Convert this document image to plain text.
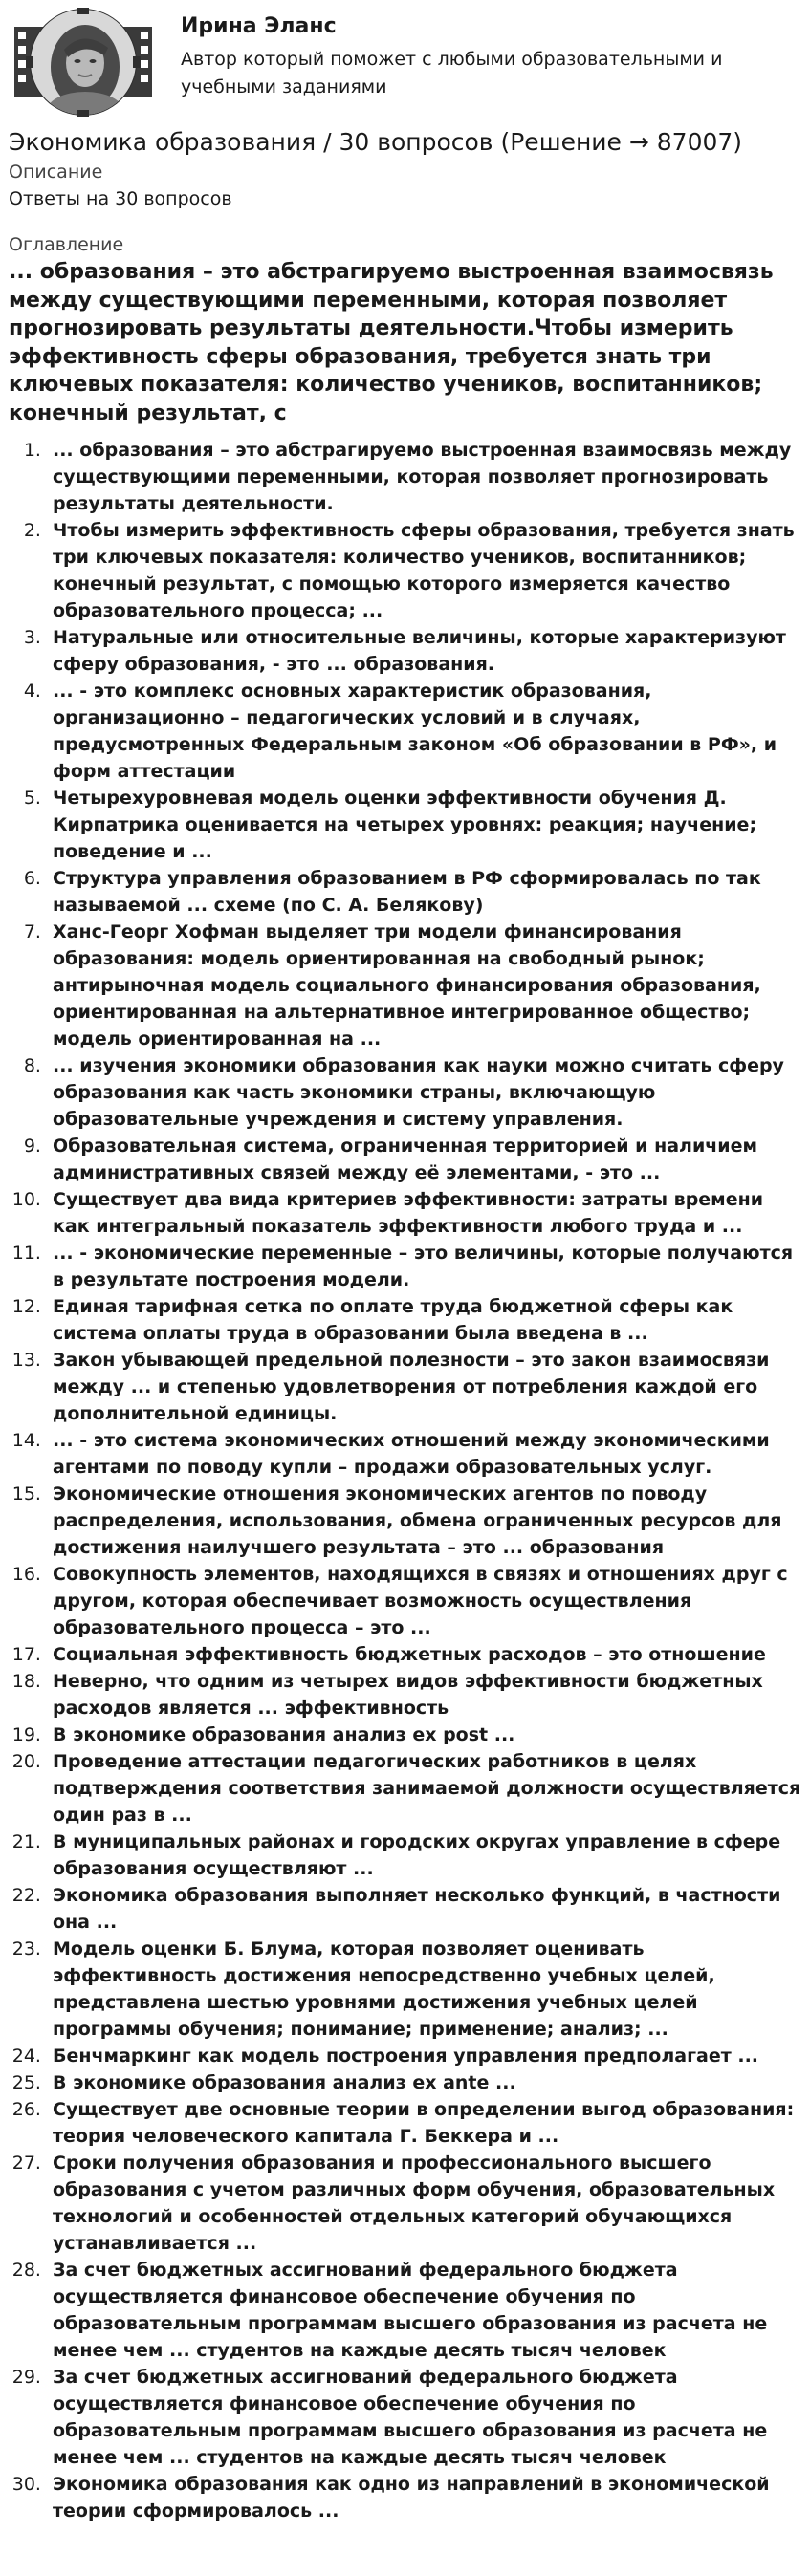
Ирина Эланс
Автор который поможет с любыми образовательными и учебными заданиями
Экономика образования / 30 вопросов (Решение → 87007)
Описание
Ответы на 30 вопросов
Оглавление
... образования – это абстрагируемо выстроенная взаимосвязь между существующими переменными, которая позволяет прогнозировать результаты деятельности.Чтобы измерить эффективность сферы образования, требуется знать три ключевых показателя: количество учеников, воспитанников; конечный результат, с
1. ... образования – это абстрагируемо выстроенная взаимосвязь между существующими переменными, которая позволяет прогнозировать результаты деятельности.
2. Чтобы измерить эффективность сферы образования, требуется знать три ключевых показателя: количество учеников, воспитанников; конечный результат, с помощью которого измеряется качество образовательного процесса; ...
3. Натуральные или относительные величины, которые характеризуют сферу образования, - это ... образования.
4. ... - это комплекс основных характеристик образования, организационно – педагогических условий и в случаях, предусмотренных Федеральным законом «Об образовании в РФ», и форм аттестации
5. Четырехуровневая модель оценки эффективности обучения Д. Кирпатрика оценивается на четырех уровнях: реакция; научение; поведение и ...
6. Структура управления образованием в РФ сформировалась по так называемой ... схеме (по С. А. Белякову)
7. Ханс-Георг Хофман выделяет три модели финансирования образования: модель ориентированная на свободный рынок; антирыночная модель социального финансирования образования, ориентированная на альтернативное интегрированное общество; модель ориентированная на ...
8. ... изучения экономики образования как науки можно считать сферу образования как часть экономики страны, включающую образовательные учреждения и систему управления.
9. Образовательная система, ограниченная территорией и наличием административных связей между её элементами, - это ...
10. Существует два вида критериев эффективности: затраты времени как интегральный показатель эффективности любого труда и ...
11. ... - экономические переменные – это величины, которые получаются в результате построения модели.
12. Единая тарифная сетка по оплате труда бюджетной сферы как система оплаты труда в образовании была введена в ...
13. Закон убывающей предельной полезности – это закон взаимосвязи между ... и степенью удовлетворения от потребления каждой его дополнительной единицы.
14. ... - это система экономических отношений между экономическими агентами по поводу купли – продажи образовательных услуг.
15. Экономические отношения экономических агентов по поводу распределения, использования, обмена ограниченных ресурсов для достижения наилучшего результата – это ... образования
16. Совокупность элементов, находящихся в связях и отношениях друг с другом, которая обеспечивает возможность осуществления образовательного процесса – это ...
17. Социальная эффективность бюджетных расходов – это отношение
18. Неверно, что одним из четырех видов эффективности бюджетных расходов является ... эффективность
19. В экономике образования анализ ex post ...
20. Проведение аттестации педагогических работников в целях подтверждения соответствия занимаемой должности осуществляется один раз в ...
21. В муниципальных районах и городских округах управление в сфере образования осуществляют ...
22. Экономика образования выполняет несколько функций, в частности она ...
23. Модель оценки Б. Блума, которая позволяет оценивать эффективность достижения непосредственно учебных целей, представлена шестью уровнями достижения учебных целей программы обучения; понимание; применение; анализ; ...
24. Бенчмаркинг как модель построения управления предполагает ...
25. В экономике образования анализ ex ante ...
26. Существует две основные теории в определении выгод образования: теория человеческого капитала Г. Беккера и ...
27. Сроки получения образования и профессионального высшего образования с учетом различных форм обучения, образовательных технологий и особенностей отдельных категорий обучающихся устанавливается ...
28. За счет бюджетных ассигнований федерального бюджета осуществляется финансовое обеспечение обучения по образовательным программам высшего образования из расчета не менее чем ... студентов на каждые десять тысяч человек
29. За счет бюджетных ассигнований федерального бюджета осуществляется финансовое обеспечение обучения по образовательным программам высшего образования из расчета не менее чем ... студентов на каждые десять тысяч человек
30. Экономика образования как одно из направлений в экономической теории сформировалось ...
